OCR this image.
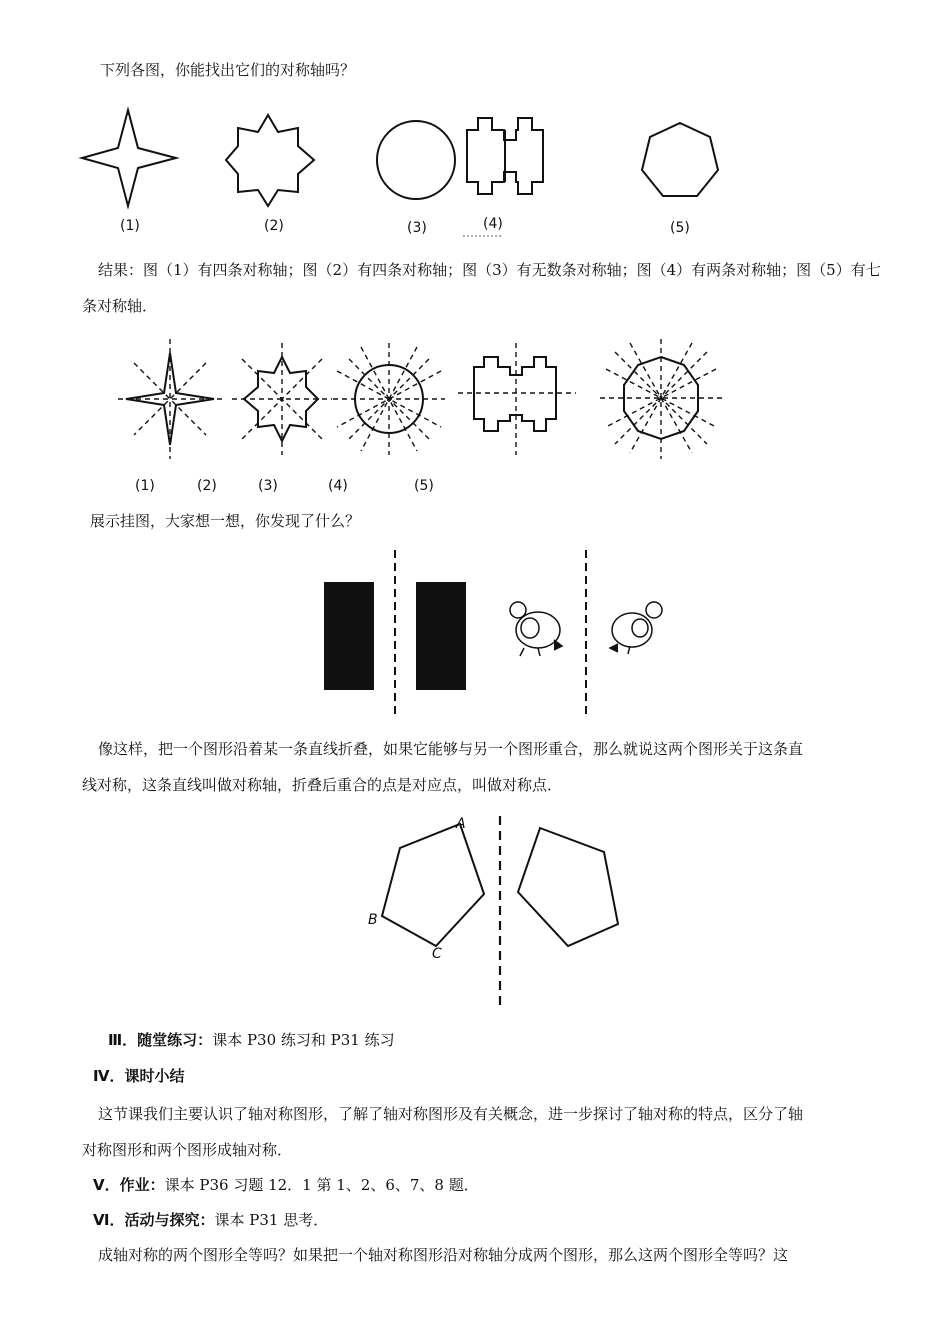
下列各图，你能找出它们的对称轴吗？
(1)	(2)	(3)	(4)	(5)
结果：图（1）有四条对称轴；图（2）有四条对称轴；图（3）有无数条对称轴；图（4）有两条对称轴；图（5）有七
条对称轴．
(1)	(2)	(3)	(4)	(5)
展示挂图，大家想一想，你发现了什么？
像这样，把一个图形沿着某一条直线折叠，如果它能够与另一个图形重合，那么就说这两个图形关于这条直
线对称，这条直线叫做对称轴，折叠后重合的点是对应点，叫做对称点．
A
B
C
Ⅲ．随堂练习：课本 P30 练习和 P31 练习
Ⅳ．课时小结
这节课我们主要认识了轴对称图形，了解了轴对称图形及有关概念，进一步探讨了轴对称的特点，区分了轴
对称图形和两个图形成轴对称．
Ⅴ．作业：课本 P36 习题 12．1 第 1、2、6、7、8 题．
Ⅵ．活动与探究：课本 P31 思考．
成轴对称的两个图形全等吗？如果把一个轴对称图形沿对称轴分成两个图形，那么这两个图形全等吗？这
